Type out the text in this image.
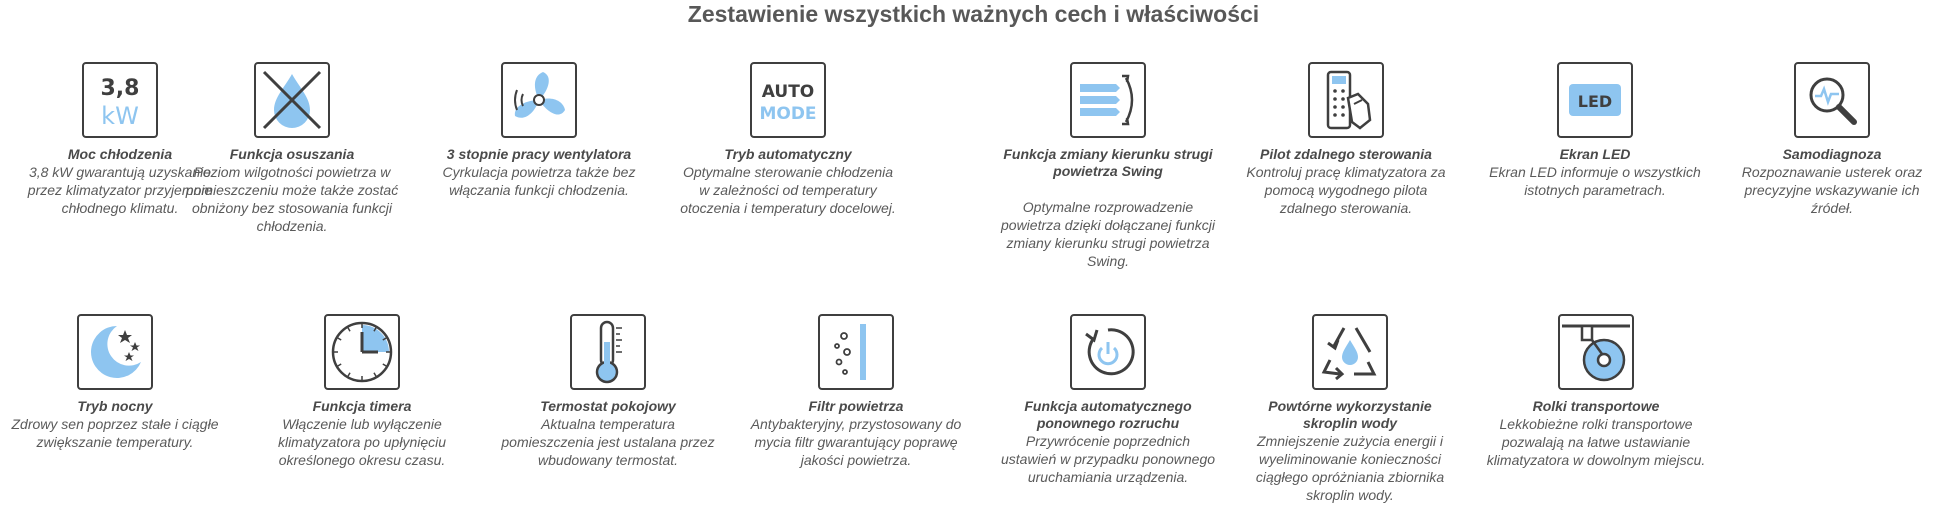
Zestawienie wszystkich ważnych cech i właściwości
3,8
kW
Moc chłodzenia
3,8 kW gwarantują uzyskanie przez klimatyzator przyjemnie chłodnego klimatu.
Funkcja osuszania
Poziom wilgotności powietrza w pomieszczeniu może także zostać obniżony bez stosowania funkcji chłodzenia.
3 stopnie pracy wentylatora
Cyrkulacja powietrza także bez włączania funkcji chłodzenia.
AUTO
MODE
Tryb automatyczny
Optymalne sterowanie chłodzenia w zależności od temperatury otoczenia i temperatury docelowej.
Funkcja zmiany kierunku strugi powietrza Swing
Optymalne rozprowadzenie powietrza dzięki dołączanej funkcji zmiany kierunku strugi powietrza Swing.
Pilot zdalnego sterowania
Kontroluj pracę klimatyzatora za pomocą wygodnego pilota zdalnego sterowania.
LED
Ekran LED
Ekran LED informuje o wszystkich istotnych parametrach.
Samodiagnoza
Rozpoznawanie usterek oraz precyzyjne wskazywanie ich źródeł.
Tryb nocny
Zdrowy sen poprzez stałe i ciągłe zwiększanie temperatury.
Funkcja timera
Włączenie lub wyłączenie klimatyzatora po upłynięciu określonego okresu czasu.
Termostat pokojowy
Aktualna temperatura pomieszczenia jest ustalana przez wbudowany termostat.
Filtr powietrza
Antybakteryjny, przystosowany do mycia filtr gwarantujący poprawę jakości powietrza.
Funkcja automatycznego ponownego rozruchu
Przywrócenie poprzednich ustawień w przypadku ponownego uruchamiania urządzenia.
Powtórne wykorzystanie skroplin wody
Zmniejszenie zużycia energii i wyeliminowanie konieczności ciągłego opróżniania zbiornika skroplin wody.
Rolki transportowe
Lekkobieżne rolki transportowe pozwalają na łatwe ustawianie klimatyzatora w dowolnym miejscu.
